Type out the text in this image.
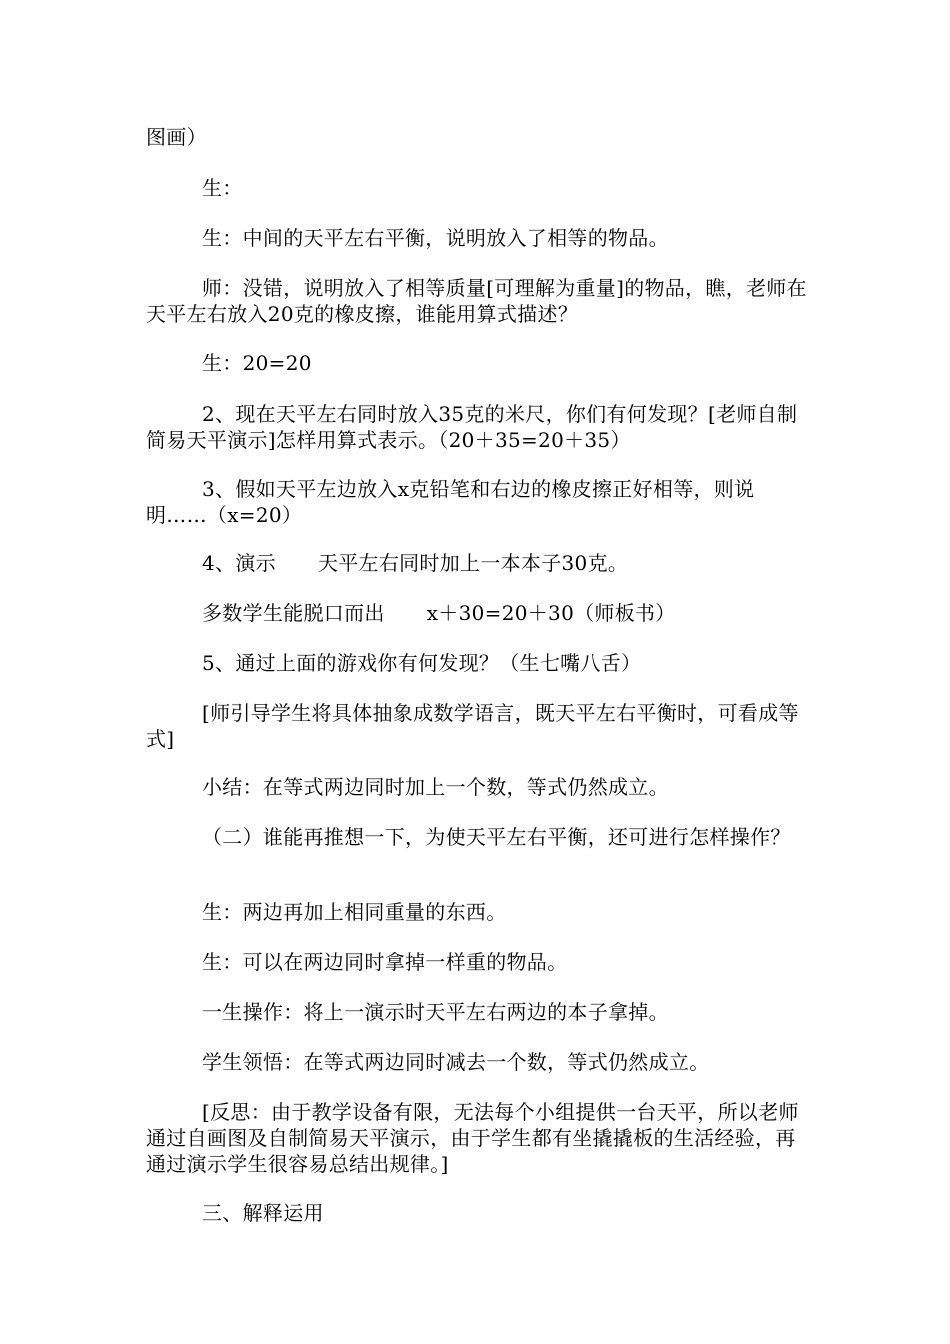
图画）

生：

生：中间的天平左右平衡，说明放入了相等的物品。

师：没错，说明放入了相等质量[可理解为重量]的物品，瞧，老师在天平左右放入20克的橡皮擦，谁能用算式描述？

生：20=20

2、现在天平左右同时放入35克的米尺，你们有何发现？[老师自制简易天平演示]怎样用算式表示。（20＋35=20＋35）

3、假如天平左边放入x克铅笔和右边的橡皮擦正好相等，则说明……（x=20）

4、演示 天平左右同时加上一本本子30克。

多数学生能脱口而出 x＋30=20＋30（师板书）

5、通过上面的游戏你有何发现？（生七嘴八舌）

[师引导学生将具体抽象成数学语言，既天平左右平衡时，可看成等式]

小结：在等式两边同时加上一个数，等式仍然成立。

（二）谁能再推想一下，为使天平左右平衡，还可进行怎样操作？

生：两边再加上相同重量的东西。

生：可以在两边同时拿掉一样重的物品。

一生操作：将上一演示时天平左右两边的本子拿掉。

学生领悟：在等式两边同时减去一个数，等式仍然成立。

[反思：由于教学设备有限，无法每个小组提供一台天平，所以老师通过自画图及自制简易天平演示，由于学生都有坐撬撬板的生活经验，再通过演示学生很容易总结出规律。]

三、解释运用
